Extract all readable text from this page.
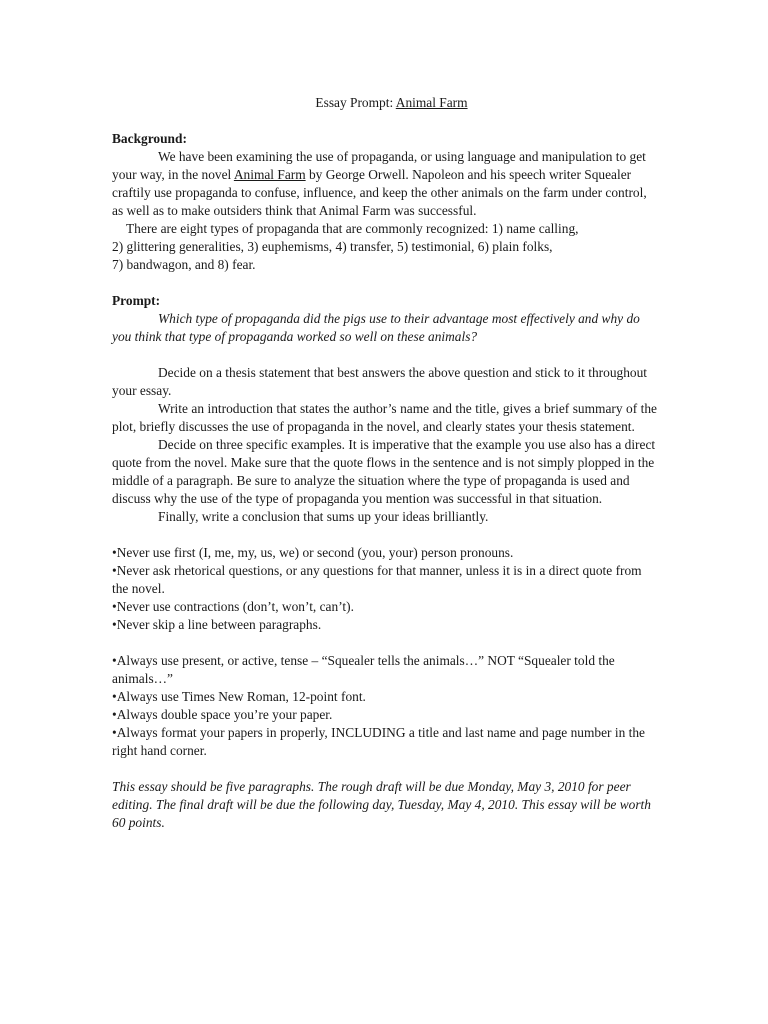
Essay Prompt: Animal Farm

Background:

We have been examining the use of propaganda, or using language and manipulation to get your way, in the novel Animal Farm by George Orwell. Napoleon and his speech writer Squealer craftily use propaganda to confuse, influence, and keep the other animals on the farm under control, as well as to make outsiders think that Animal Farm was successful.

There are eight types of propaganda that are commonly recognized: 1) name calling,

2) glittering generalities, 3) euphemisms, 4) transfer, 5) testimonial, 6) plain folks,

7) bandwagon, and 8) fear.

Prompt:

Which type of propaganda did the pigs use to their advantage most effectively and why do you think that type of propaganda worked so well on these animals?

Decide on a thesis statement that best answers the above question and stick to it throughout your essay.

Write an introduction that states the author’s name and the title, gives a brief summary of the plot, briefly discusses the use of propaganda in the novel, and clearly states your thesis statement.

Decide on three specific examples. It is imperative that the example you use also has a direct quote from the novel. Make sure that the quote flows in the sentence and is not simply plopped in the middle of a paragraph. Be sure to analyze the situation where the type of propaganda is used and discuss why the use of the type of propaganda you mention was successful in that situation.

Finally, write a conclusion that sums up your ideas brilliantly.

•Never use first (I, me, my, us, we) or second (you, your) person pronouns.

•Never ask rhetorical questions, or any questions for that manner, unless it is in a direct quote from the novel.

•Never use contractions (don’t, won’t, can’t).

•Never skip a line between paragraphs.

•Always use present, or active, tense – “Squealer tells the animals…” NOT “Squealer told the animals…”

•Always use Times New Roman, 12-point font.

•Always double space you’re your paper.

•Always format your papers in properly, INCLUDING a title and last name and page number in the right hand corner.

This essay should be five paragraphs. The rough draft will be due Monday, May 3, 2010 for peer editing. The final draft will be due the following day, Tuesday, May 4, 2010. This essay will be worth 60 points.
